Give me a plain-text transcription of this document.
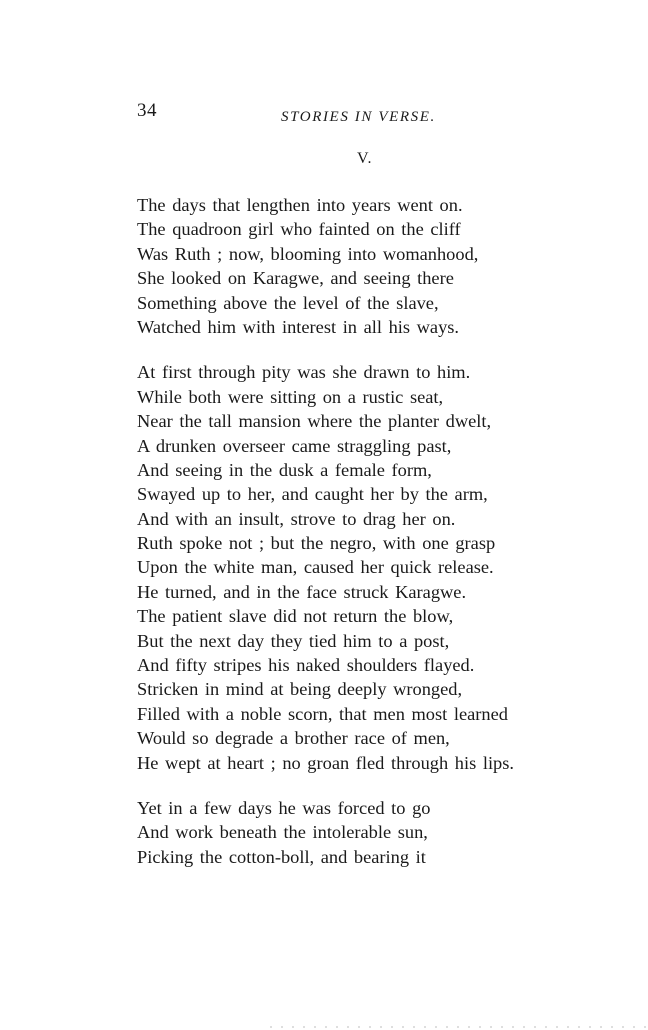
34	STORIES IN VERSE.
V.
The days that lengthen into years went on.
The quadroon girl who fainted on the cliff
Was Ruth ; now, blooming into womanhood,
She looked on Karagwe, and seeing there
Something above the level of the slave,
Watched him with interest in all his ways.
At first through pity was she drawn to him.
While both were sitting on a rustic seat,
Near the tall mansion where the planter dwelt,
A drunken overseer came straggling past,
And seeing in the dusk a female form,
Swayed up to her, and caught her by the arm,
And with an insult, strove to drag her on.
Ruth spoke not ; but the negro, with one grasp
Upon the white man, caused her quick release.
He turned, and in the face struck Karagwe.
The patient slave did not return the blow,
But the next day they tied him to a post,
And fifty stripes his naked shoulders flayed.
Stricken in mind at being deeply wronged,
Filled with a noble scorn, that men most learned
Would so degrade a brother race of men,
He wept at heart ; no groan fled through his lips.
Yet in a few days he was forced to go
And work beneath the intolerable sun,
Picking the cotton-boll, and bearing it
